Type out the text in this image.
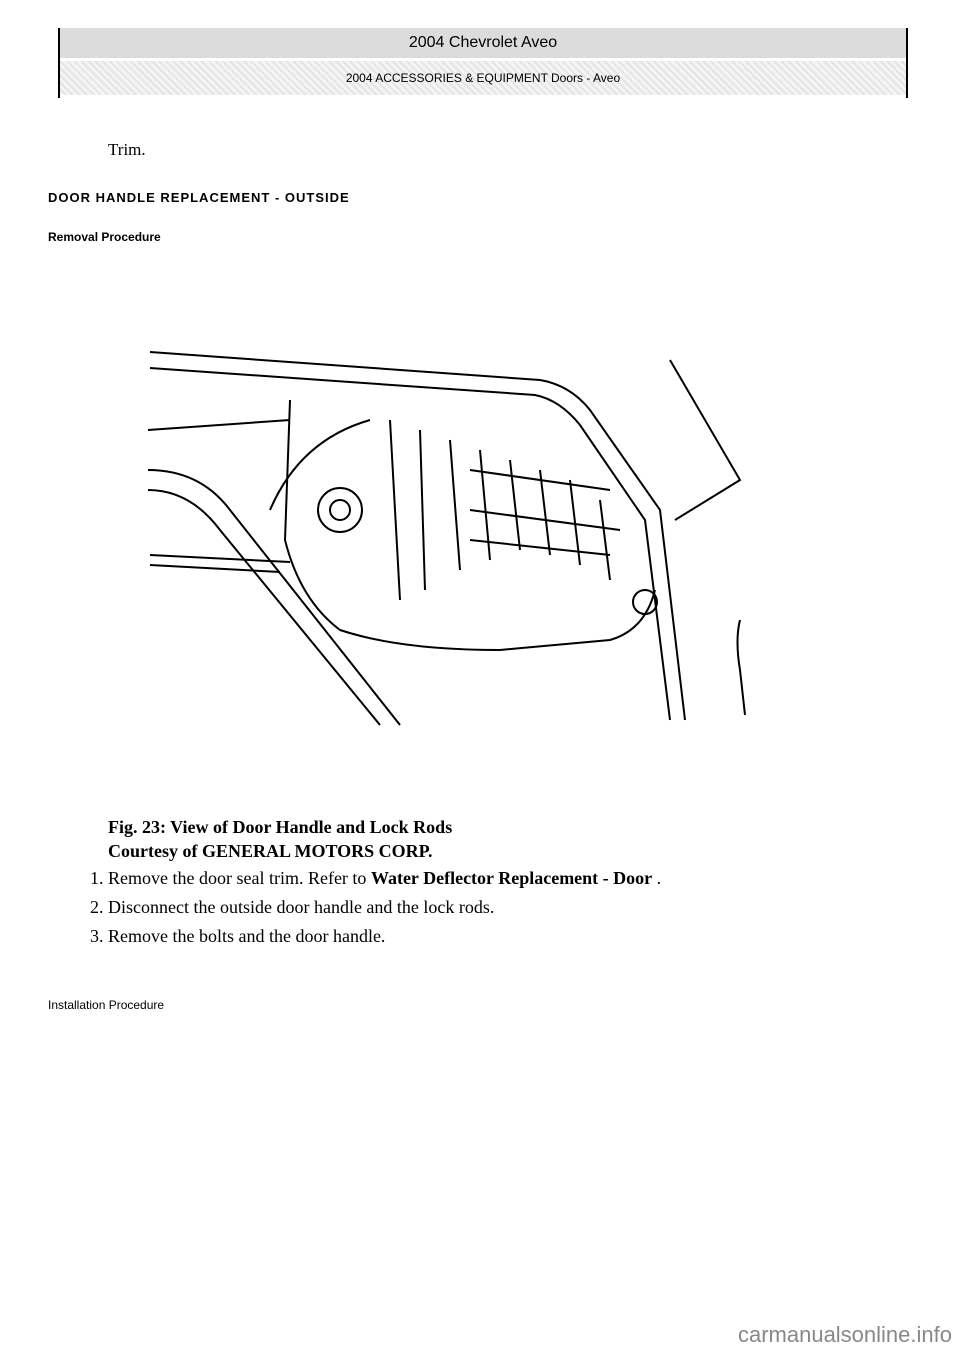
2004 Chevrolet Aveo
2004 ACCESSORIES & EQUIPMENT Doors - Aveo
Trim.
DOOR HANDLE REPLACEMENT - OUTSIDE
Removal Procedure
Fig. 23: View of Door Handle and Lock Rods
Courtesy of GENERAL MOTORS CORP.
1. Remove the door seal trim. Refer to Water Deflector Replacement - Door .
2. Disconnect the outside door handle and the lock rods.
3. Remove the bolts and the door handle.
Installation Procedure
carmanualsonline.info
